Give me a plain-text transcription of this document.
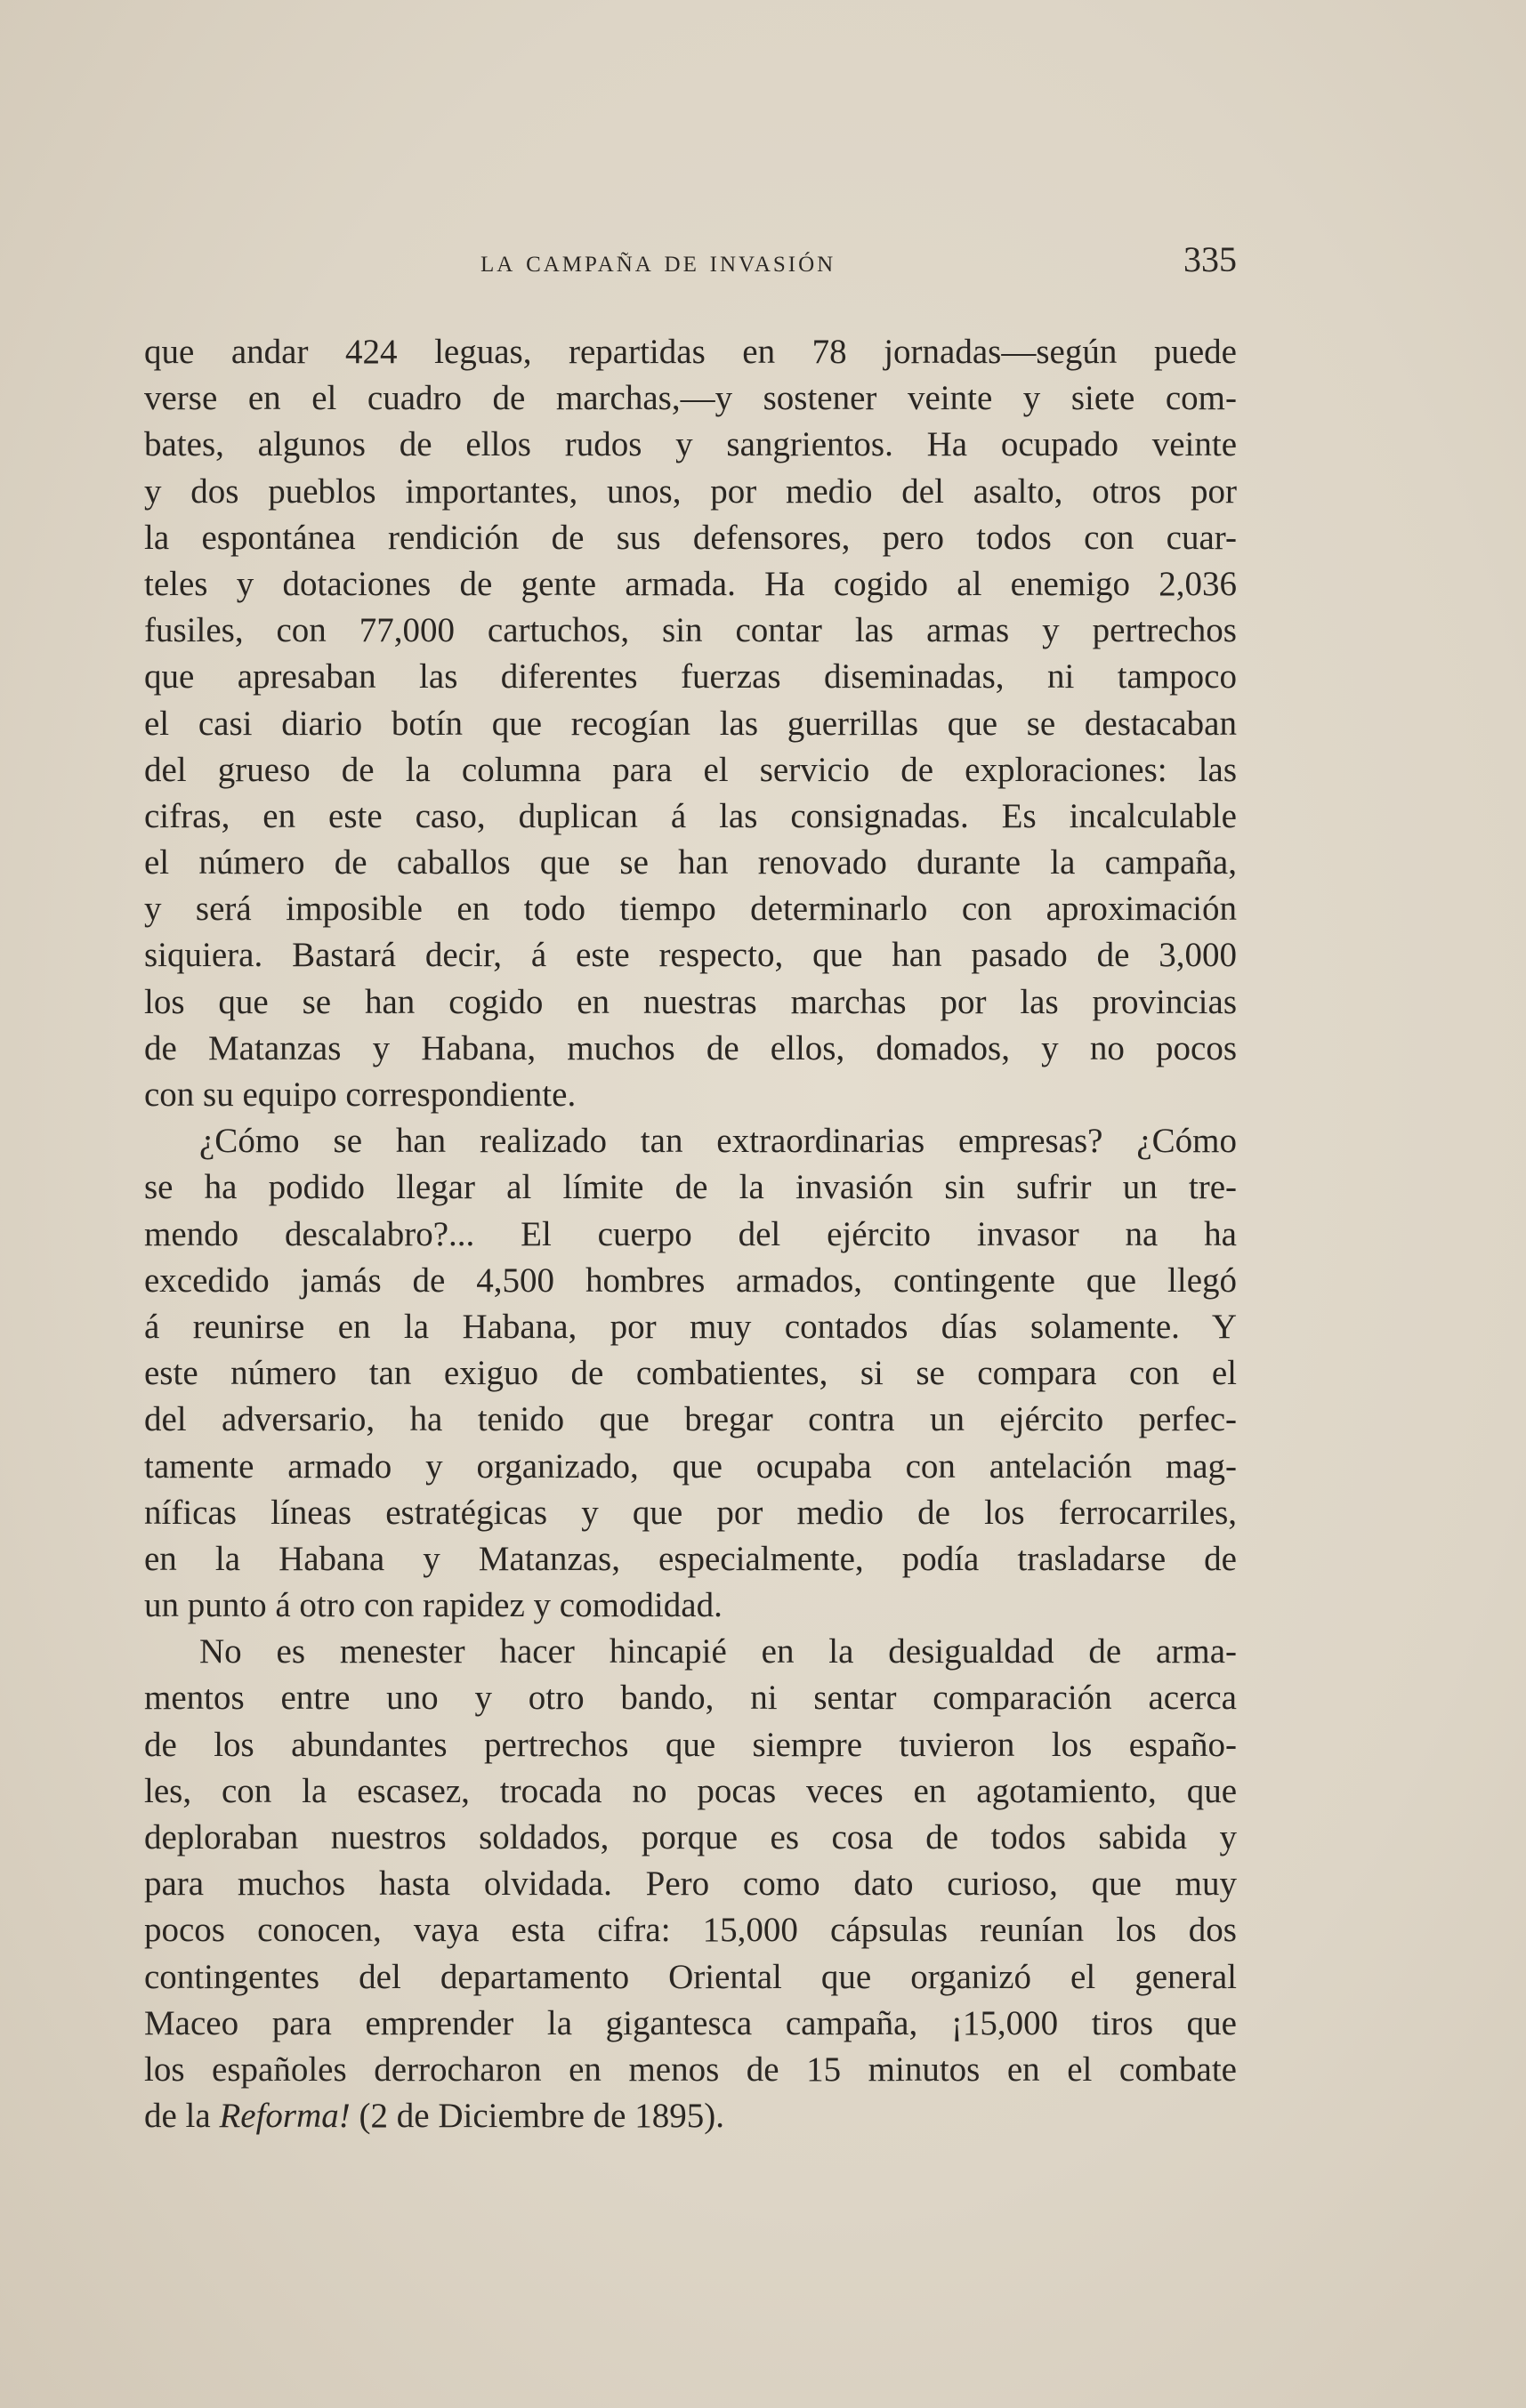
la campaña de invasión	335
que andar 424 leguas, repartidas en 78 jornadas—según puede
verse en el cuadro de marchas,—y sostener veinte y siete com-
bates, algunos de ellos rudos y sangrientos. Ha ocupado veinte
y dos pueblos importantes, unos, por medio del asalto, otros por
la espontánea rendición de sus defensores, pero todos con cuar-
teles y dotaciones de gente armada. Ha cogido al enemigo 2,036
fusiles, con 77,000 cartuchos, sin contar las armas y pertrechos
que apresaban las diferentes fuerzas diseminadas, ni tampoco
el casi diario botín que recogían las guerrillas que se destacaban
del grueso de la columna para el servicio de exploraciones: las
cifras, en este caso, duplican á las consignadas. Es incalculable
el número de caballos que se han renovado durante la campaña,
y será imposible en todo tiempo determinarlo con aproximación
siquiera. Bastará decir, á este respecto, que han pasado de 3,000
los que se han cogido en nuestras marchas por las provincias
de Matanzas y Habana, muchos de ellos, domados, y no pocos
con su equipo correspondiente.
¿Cómo se han realizado tan extraordinarias empresas? ¿Cómo
se ha podido llegar al límite de la invasión sin sufrir un tre-
mendo descalabro?... El cuerpo del ejército invasor na ha
excedido jamás de 4,500 hombres armados, contingente que llegó
á reunirse en la Habana, por muy contados días solamente. Y
este número tan exiguo de combatientes, si se compara con el
del adversario, ha tenido que bregar contra un ejército perfec-
tamente armado y organizado, que ocupaba con antelación mag-
níficas líneas estratégicas y que por medio de los ferrocarriles,
en la Habana y Matanzas, especialmente, podía trasladarse de
un punto á otro con rapidez y comodidad.
No es menester hacer hincapié en la desigualdad de arma-
mentos entre uno y otro bando, ni sentar comparación acerca
de los abundantes pertrechos que siempre tuvieron los españo-
les, con la escasez, trocada no pocas veces en agotamiento, que
deploraban nuestros soldados, porque es cosa de todos sabida y
para muchos hasta olvidada. Pero como dato curioso, que muy
pocos conocen, vaya esta cifra: 15,000 cápsulas reunían los dos
contingentes del departamento Oriental que organizó el general
Maceo para emprender la gigantesca campaña, ¡15,000 tiros que
los españoles derrocharon en menos de 15 minutos en el combate
de la Reforma! (2 de Diciembre de 1895).
